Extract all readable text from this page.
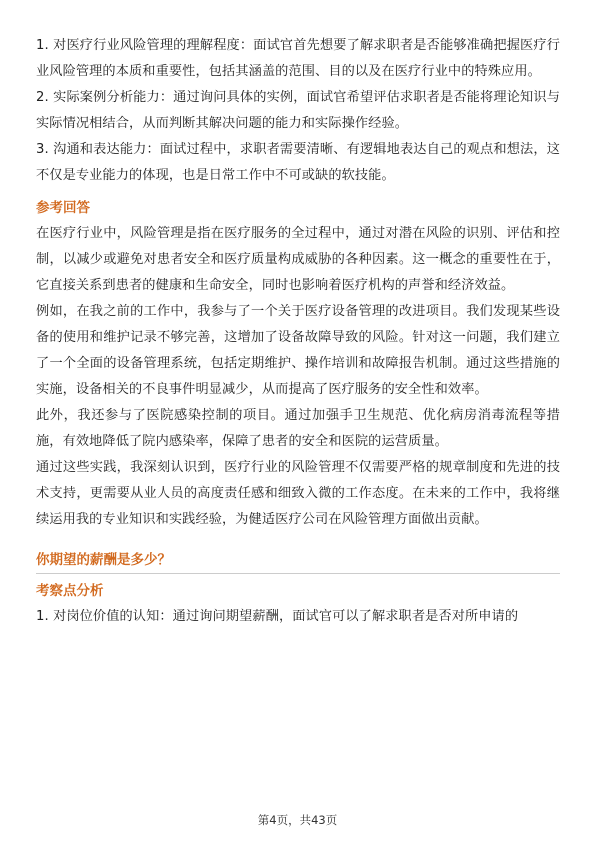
1. 对医疗行业风险管理的理解程度：面试官首先想要了解求职者是否能够准确把握医疗行业风险管理的本质和重要性，包括其涵盖的范围、目的以及在医疗行业中的特殊应用。

2. 实际案例分析能力：通过询问具体的实例，面试官希望评估求职者是否能将理论知识与实际情况相结合，从而判断其解决问题的能力和实际操作经验。

3. 沟通和表达能力：面试过程中，求职者需要清晰、有逻辑地表达自己的观点和想法，这不仅是专业能力的体现，也是日常工作中不可或缺的软技能。

参考回答

在医疗行业中，风险管理是指在医疗服务的全过程中，通过对潜在风险的识别、评估和控制，以减少或避免对患者安全和医疗质量构成威胁的各种因素。这一概念的重要性在于，它直接关系到患者的健康和生命安全，同时也影响着医疗机构的声誉和经济效益。

例如，在我之前的工作中，我参与了一个关于医疗设备管理的改进项目。我们发现某些设备的使用和维护记录不够完善，这增加了设备故障导致的风险。针对这一问题，我们建立了一个全面的设备管理系统，包括定期维护、操作培训和故障报告机制。通过这些措施的实施，设备相关的不良事件明显减少，从而提高了医疗服务的安全性和效率。

此外，我还参与了医院感染控制的项目。通过加强手卫生规范、优化病房消毒流程等措施，有效地降低了院内感染率，保障了患者的安全和医院的运营质量。

通过这些实践，我深刻认识到，医疗行业的风险管理不仅需要严格的规章制度和先进的技术支持，更需要从业人员的高度责任感和细致入微的工作态度。在未来的工作中，我将继续运用我的专业知识和实践经验，为健适医疗公司在风险管理方面做出贡献。

你期望的薪酬是多少？
考察点分析

1. 对岗位价值的认知：通过询问期望薪酬，面试官可以了解求职者是否对所申请的

第4页，共43页
